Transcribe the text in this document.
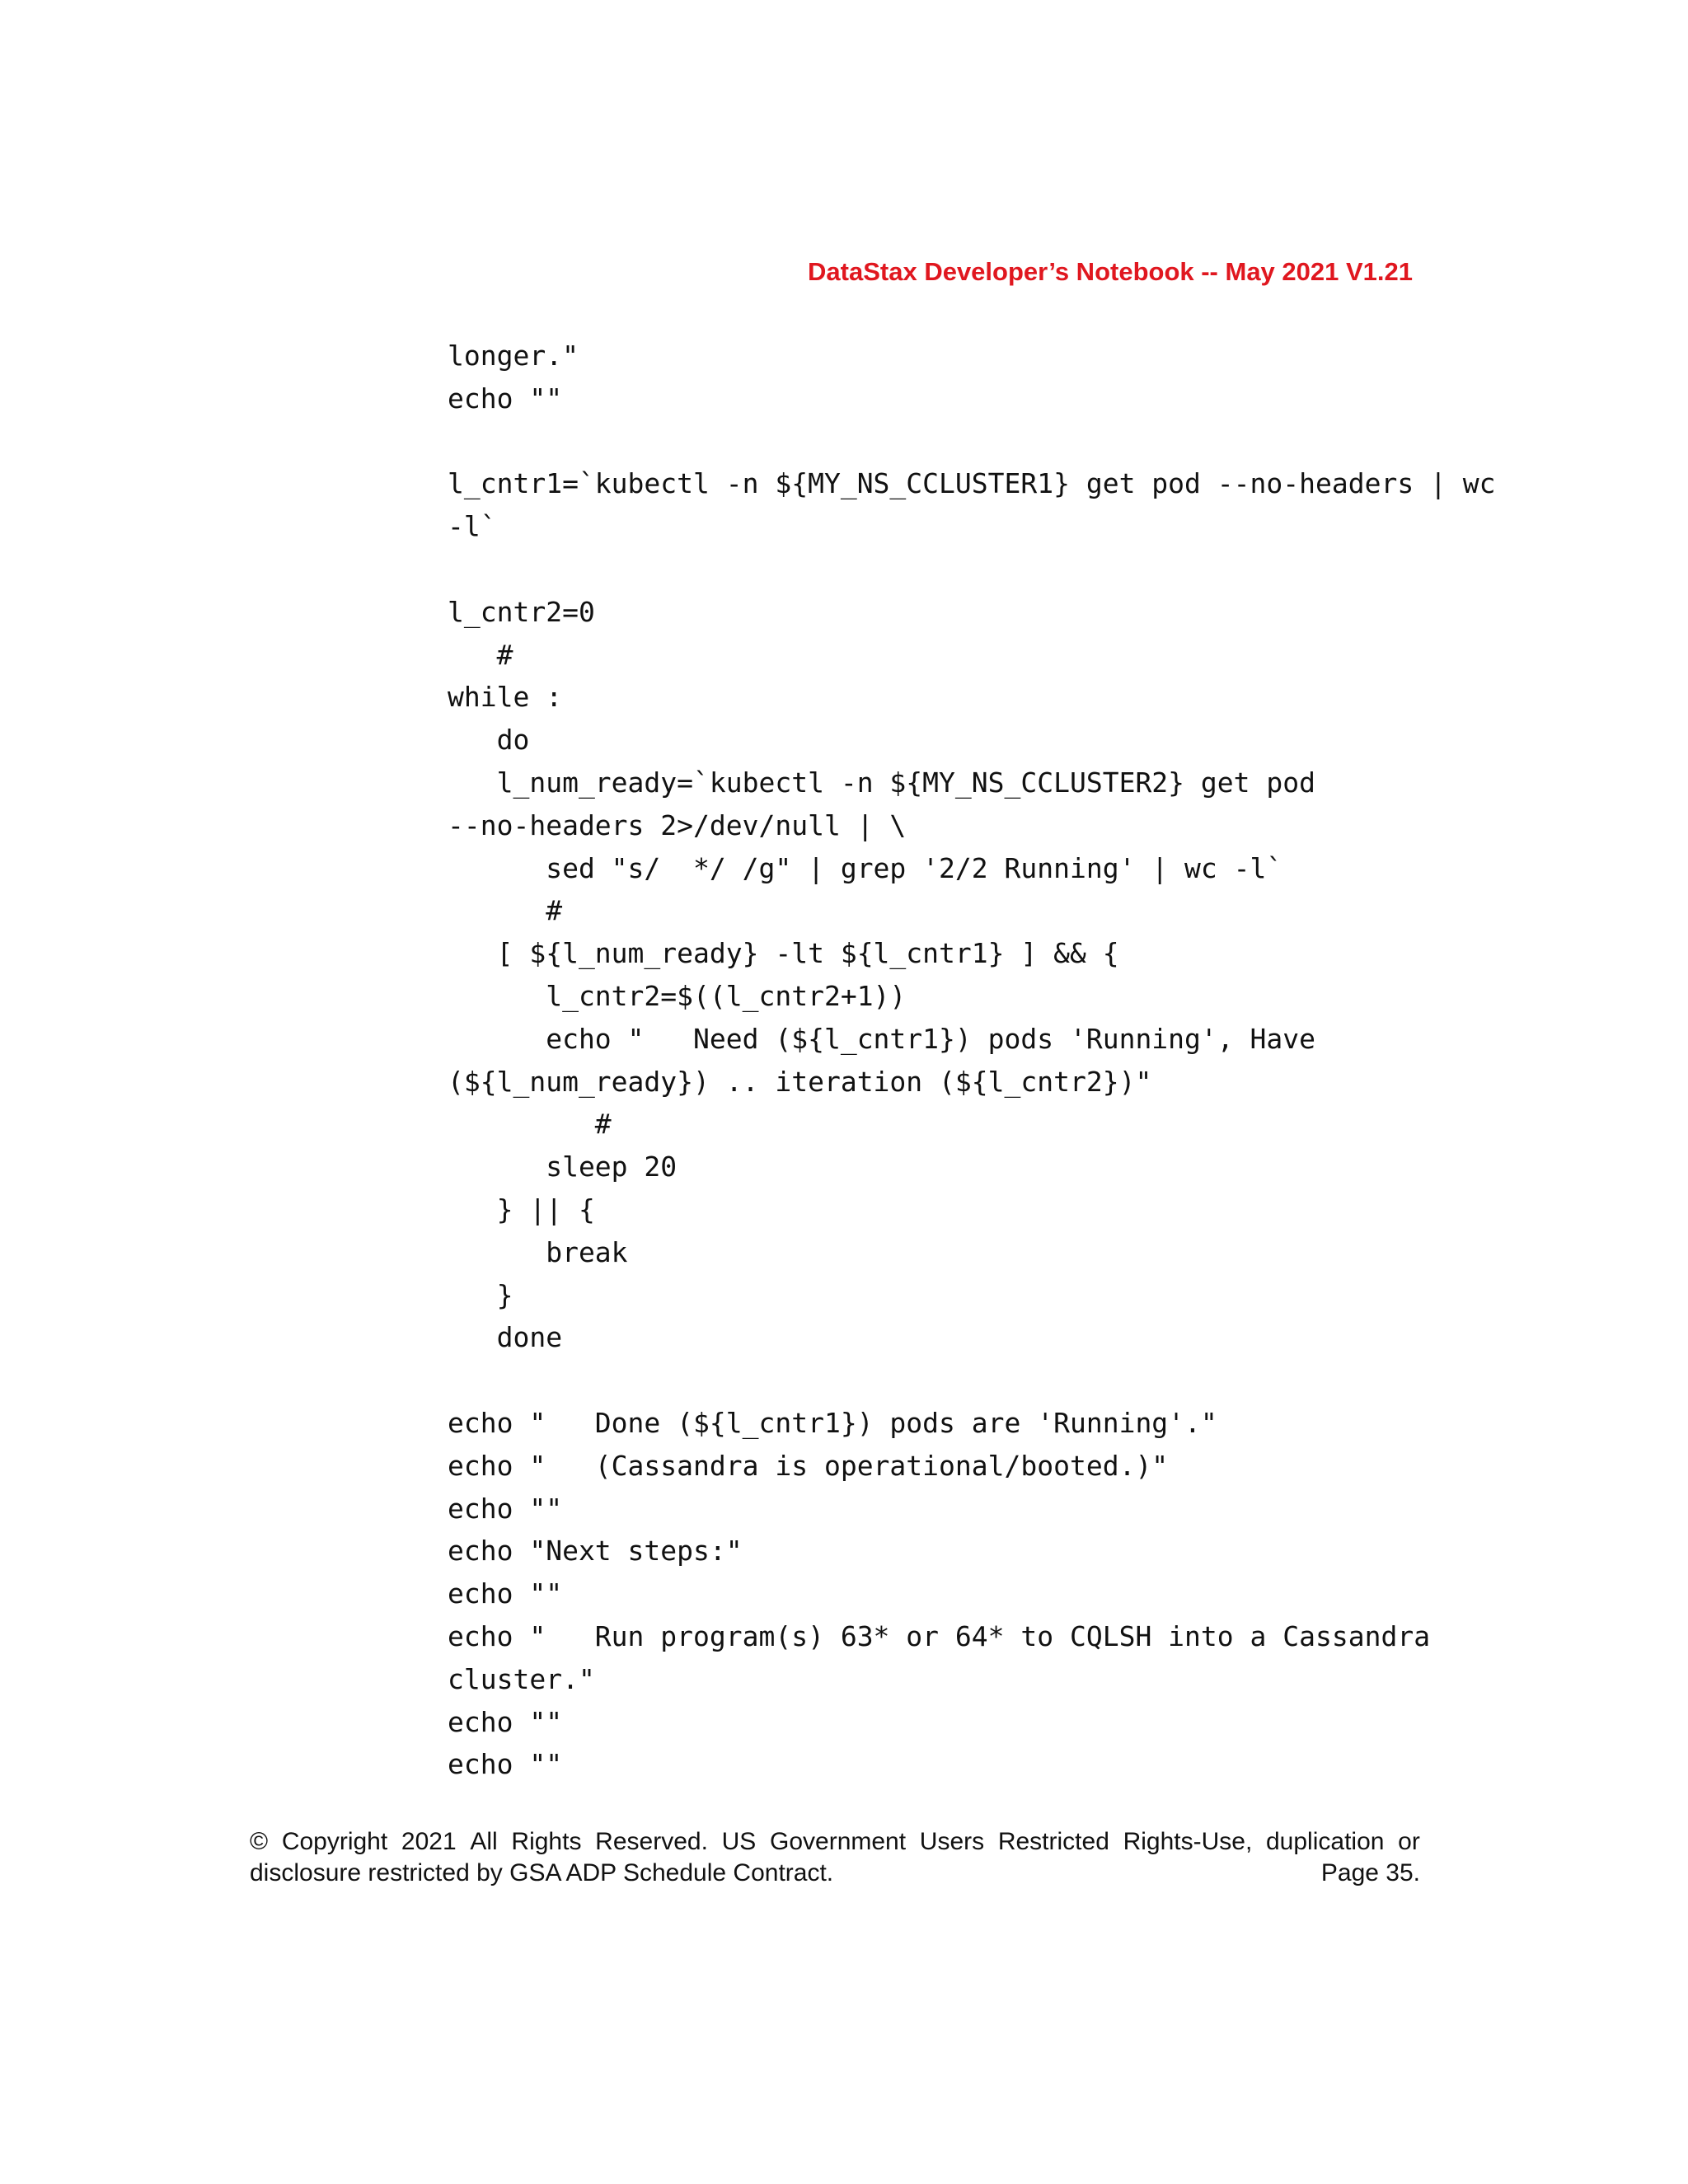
DataStax Developer’s Notebook -- May 2021 V1.21
longer."
echo ""
l_cntr1=`kubectl -n ${MY_NS_CCLUSTER1} get pod --no-headers | wc
-l`
l_cntr2=0
#
while :
do
l_num_ready=`kubectl -n ${MY_NS_CCLUSTER2} get pod
--no-headers 2>/dev/null | \
sed "s/  */ /g" | grep '2/2 Running' | wc -l`
#
[ ${l_num_ready} -lt ${l_cntr1} ] && {
l_cntr2=$((l_cntr2+1))
echo "   Need (${l_cntr1}) pods 'Running', Have
(${l_num_ready}) .. iteration (${l_cntr2})"
#
sleep 20
} || {
break
}
done
echo "   Done (${l_cntr1}) pods are 'Running'."
echo "   (Cassandra is operational/booted.)"
echo ""
echo "Next steps:"
echo ""
echo "   Run program(s) 63* or 64* to CQLSH into a Cassandra
cluster."
echo ""
echo ""
© Copyright 2021 All Rights Reserved. US Government Users Restricted Rights-Use, duplication or
disclosure restricted by GSA ADP Schedule Contract.	Page 35.
